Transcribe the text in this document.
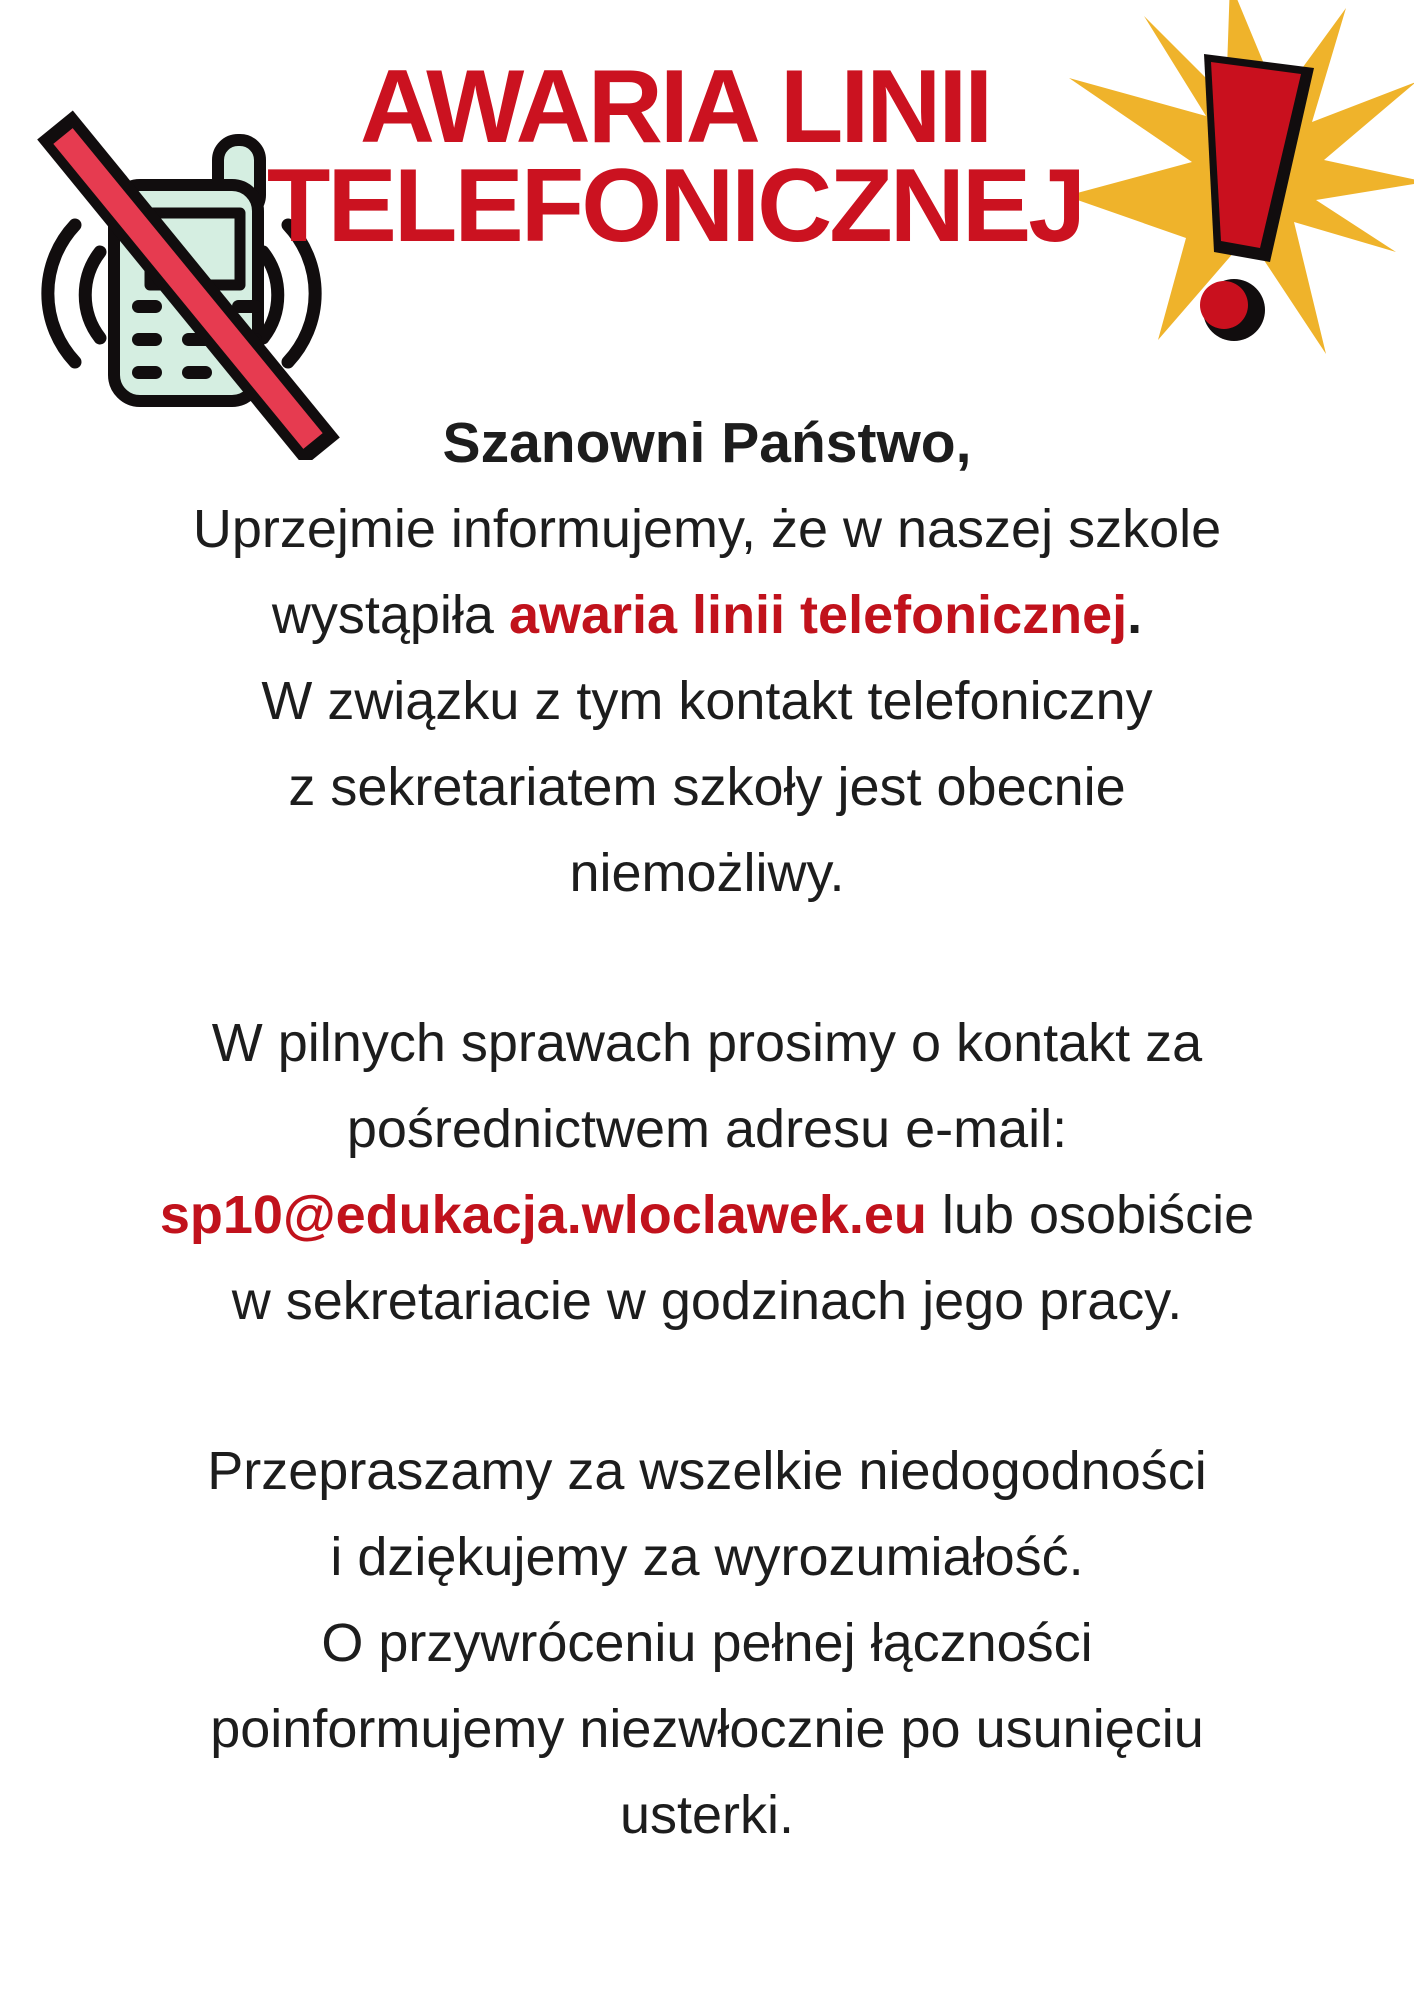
AWARIA LINII
TELEFONICZNEJ
Szanowni Państwo,
Uprzejmie informujemy, że w naszej szkole
wystąpiła awaria linii telefonicznej.
W związku z tym kontakt telefoniczny
z sekretariatem szkoły jest obecnie
niemożliwy.
W pilnych sprawach prosimy o kontakt za
pośrednictwem adresu e-mail:
sp10@edukacja.wloclawek.eu lub osobiście
w sekretariacie w godzinach jego pracy.
Przepraszamy za wszelkie niedogodności
i dziękujemy za wyrozumiałość.
O przywróceniu pełnej łączności
poinformujemy niezwłocznie po usunięciu
usterki.
